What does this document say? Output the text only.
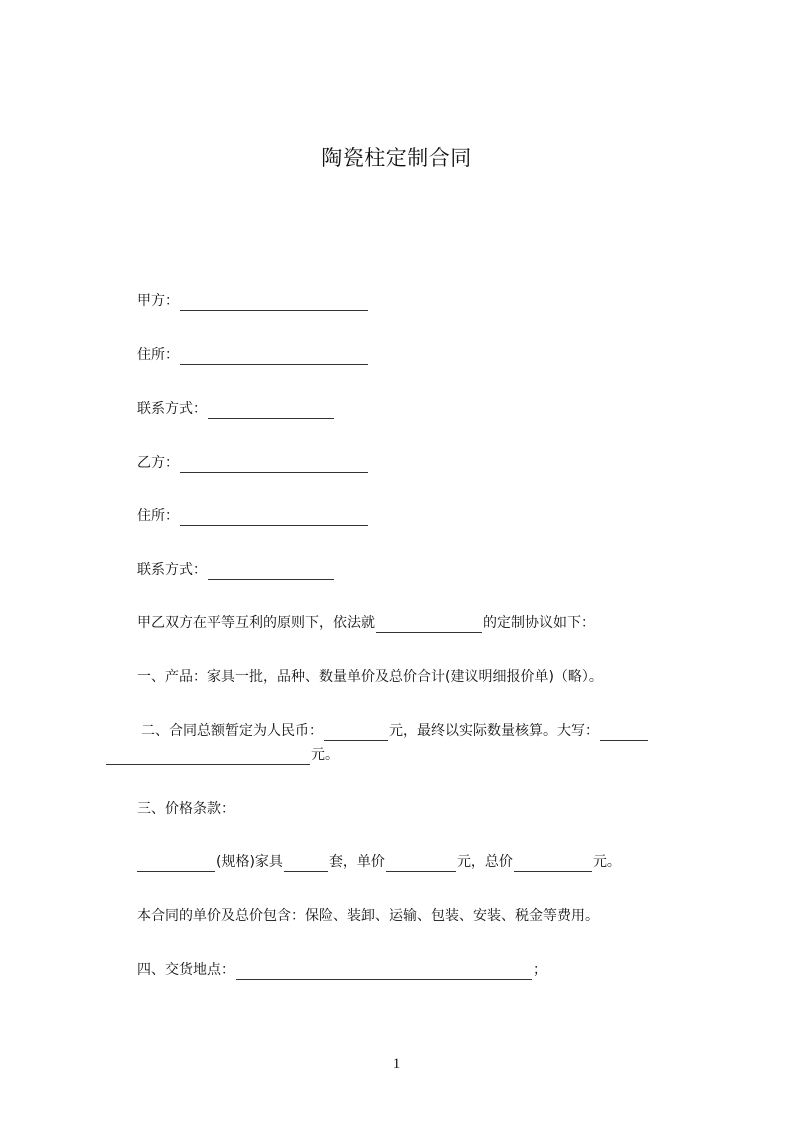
陶瓷柱定制合同
甲方：
住所：
联系方式：
乙方：
住所：
联系方式：
甲乙双方在平等互利的原则下，依法就	的定制协议如下：
一、产品：家具一批，品种、数量单价及总价合计(建议明细报价单)（略）。
二、合同总额暂定为人民币：	元，最终以实际数量核算。大写：
元。
三、价格条款：
(规格)家具	套，单价	元，总价	元。
本合同的单价及总价包含：保险、装卸、运输、包装、安装、税金等费用。
四、交货地点：	；
1
